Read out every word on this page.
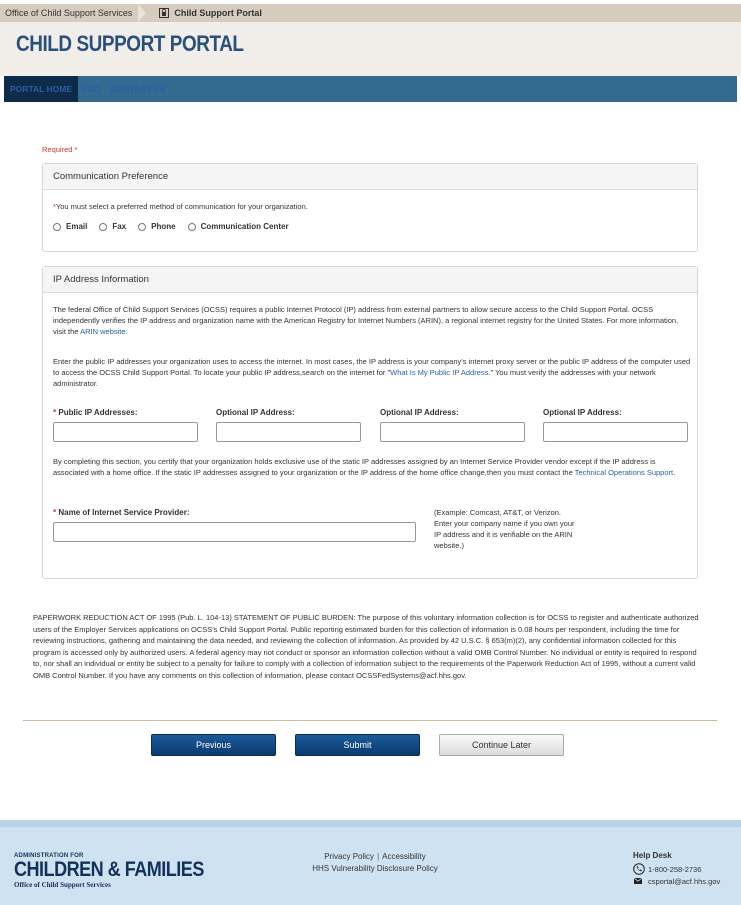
Office of Child Support Services	Child Support Portal
CHILD SUPPORT PORTAL
PORTAL HOME	FAQ	CONTACT US
Required *
Communication Preference
*You must select a preferred method of communication for your organization.
Email	Fax	Phone	Communication Center
IP Address Information

The federal Office of Child Support Services (OCSS) requires a public Internet Protocol (IP) address from external partners to allow secure access to the Child Support Portal. OCSS independently verifies the IP address and organization name with the American Registry for Internet Numbers (ARIN), a regional internet registry for the United States. For more information, visit the ARIN website.

Enter the public IP addresses your organization uses to access the internet. In most cases, the IP address is your company's internet proxy server or the public IP address of the computer used to access the OCSS Child Support Portal. To locate your public IP address,search on the internet for "What Is My Public IP Address." You must verify the addresses with your network administrator.

* Public IP Addresses:	Optional IP Address:	Optional IP Address:	Optional IP Address:

By completing this section, you certify that your organization holds exclusive use of the static IP addresses assigned by an Internet Service Provider vendor except if the IP address is associated with a home office. If the static IP addresses assigned to your organization or the IP address of the home office change,then you must contact the Technical Operations Support.

* Name of Internet Service Provider:	(Example: Comcast, AT&T, or Verizon. Enter your company name if you own your IP address and it is verifiable on the ARIN website.)

PAPERWORK REDUCTION ACT OF 1995 (Pub. L. 104-13) STATEMENT OF PUBLIC BURDEN: The purpose of this voluntary information collection is for OCSS to register and authenticate authorized users of the Employer Services applications on OCSS's Child Support Portal. Public reporting estimated burden for this collection of information is 0.08 hours per respondent, including the time for reviewing instructions, gathering and maintaining the data needed, and reviewing the collection of information. As provided by 42 U.S.C. § 653(m)(2), any confidential information collected for this program is accessed only by authorized users. A federal agency may not conduct or sponsor an information collection without a valid OMB Control Number. No individual or entity is required to respond to, nor shall an individual or entity be subject to a penalty for failure to comply with a collection of information subject to the requirements of the Paperwork Reduction Act of 1995, without a current valid OMB Control Number. If you have any comments on this collection of information, please contact OCSSFedSystems@acf.hhs.gov.

Previous	Submit	Continue Later
ADMINISTRATION FOR
CHILDREN & FAMILIES
Office of Child Support Services
Privacy Policy | Accessibility
HHS Vulnerability Disclosure Policy
Help Desk
1-800-258-2736
csportal@acf.hhs.gov
